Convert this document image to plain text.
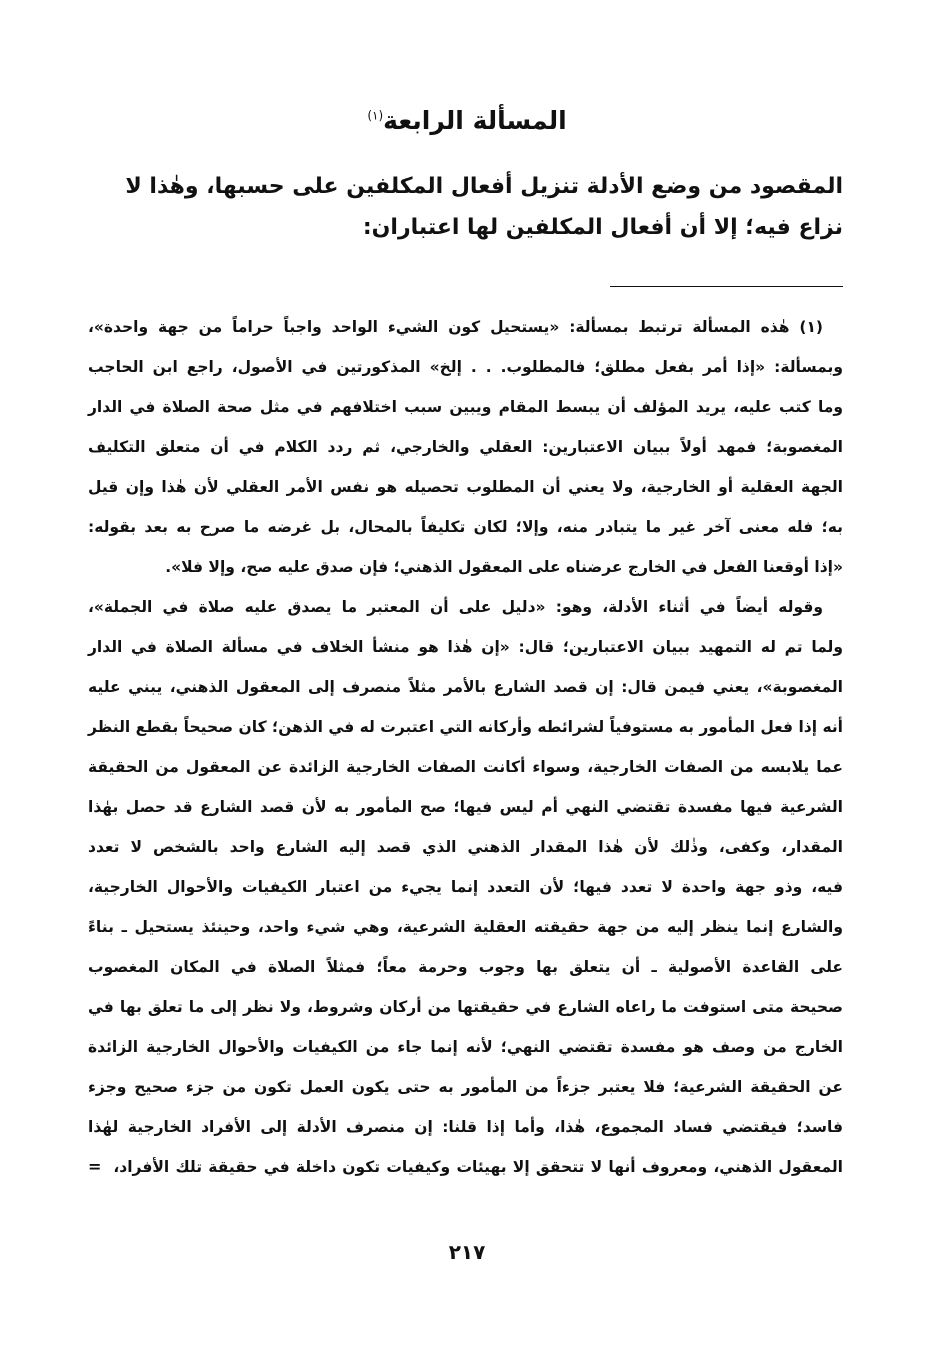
المسألة الرابعة$^{(١)}$
المقصود من وضع الأدلة تنزيل أفعال المكلفين على حسبها، وهٰذا لا
نزاع فيه؛ إلا أن أفعال المكلفين لها اعتباران:
(١) هٰذه المسألة ترتبط بمسألة: «يستحيل كون الشيء الواحد واجباً حراماً من جهة واحدة»،
وبمسألة: «إذا أمر بفعل مطلق؛ فالمطلوب. . . إلخ» المذكورتين في الأصول، راجع ابن الحاجب
وما كتب عليه، يريد المؤلف أن يبسط المقام ويبين سبب اختلافهم في مثل صحة الصلاة في الدار
المغصوبة؛ فمهد أولاً ببيان الاعتبارين: العقلي والخارجي، ثم ردد الكلام في أن متعلق التكليف
الجهة العقلية أو الخارجية، ولا يعني أن المطلوب تحصيله هو نفس الأمر العقلي لأن هٰذا وإن قيل
به؛ فله معنى آخر غير ما يتبادر منه، وإلا؛ لكان تكليفاً بالمحال، بل غرضه ما صرح به بعد بقوله:
«إذا أوقعنا الفعل في الخارج عرضناه على المعقول الذهني؛ فإن صدق عليه صح، وإلا فلا».
وقوله أيضاً في أثناء الأدلة، وهو: «دليل على أن المعتبر ما يصدق عليه صلاة في الجملة»،
ولما تم له التمهيد ببيان الاعتبارين؛ قال: «إن هٰذا هو منشأ الخلاف في مسألة الصلاة في الدار
المغصوبة»، يعني فيمن قال: إن قصد الشارع بالأمر مثلاً منصرف إلى المعقول الذهني، يبني عليه
أنه إذا فعل المأمور به مستوفياً لشرائطه وأركانه التي اعتبرت له في الذهن؛ كان صحيحاً بقطع النظر
عما يلابسه من الصفات الخارجية، وسواء أكانت الصفات الخارجية الزائدة عن المعقول من الحقيقة
الشرعية فيها مفسدة تقتضي النهي أم ليس فيها؛ صح المأمور به لأن قصد الشارع قد حصل بهٰذا
المقدار، وكفى، وذٰلك لأن هٰذا المقدار الذهني الذي قصد إليه الشارع واحد بالشخص لا تعدد
فيه، وذو جهة واحدة لا تعدد فيها؛ لأن التعدد إنما يجيء من اعتبار الكيفيات والأحوال الخارجية،
والشارع إنما ينظر إليه من جهة حقيقته العقلية الشرعية، وهي شيء واحد، وحينئذ يستحيل ـ بناءً
على القاعدة الأصولية ـ أن يتعلق بها وجوب وحرمة معاً؛ فمثلاً الصلاة في المكان المغصوب
صحيحة متى استوفت ما راعاه الشارع في حقيقتها من أركان وشروط، ولا نظر إلى ما تعلق بها في
الخارج من وصف هو مفسدة تقتضي النهي؛ لأنه إنما جاء من الكيفيات والأحوال الخارجية الزائدة
عن الحقيقة الشرعية؛ فلا يعتبر جزءاً من المأمور به حتى يكون العمل تكون من جزء صحيح وجزء
فاسد؛ فيقتضي فساد المجموع، هٰذا، وأما إذا قلنا: إن منصرف الأدلة إلى الأفراد الخارجية لهٰذا
المعقول الذهني، ومعروف أنها لا تتحقق إلا بهيئات وكيفيات تكون داخلة في حقيقة تلك الأفراد،
=
٢١٧
